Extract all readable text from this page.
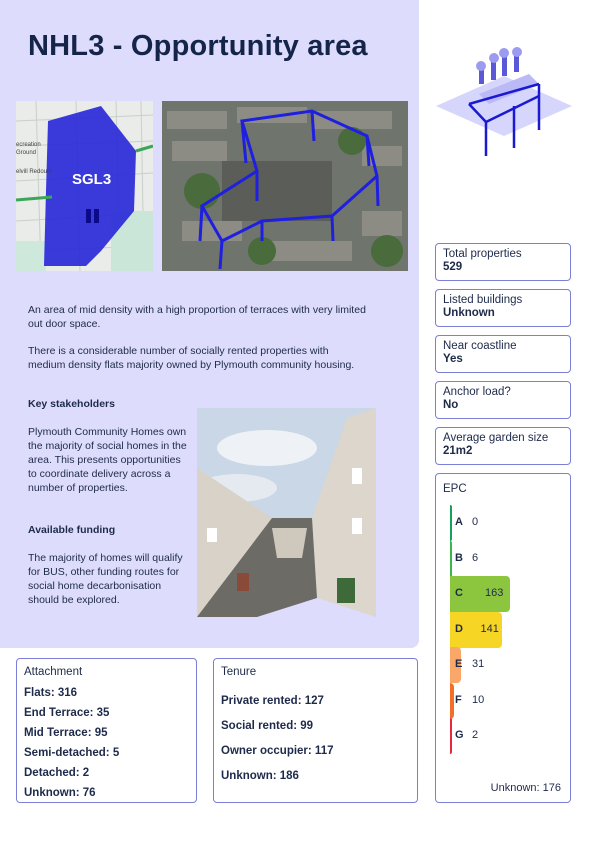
NHL3 - Opportunity area
ecreation
Ground
elvill Redoubt SGL3
An area of mid density with a high proportion of terraces with very limited out door space.
There is a considerable number of socially rented properties with medium density flats majority owned by Plymouth community housing.
Key stakeholders
Plymouth Community Homes own the majority of social homes in the area. This presents opportunities to coordinate delivery across a number of properties.
Available funding
The majority of homes will qualify for BUS, other funding routes for social home decarbonisation should be explored.
Total properties
529
Listed buildings
Unknown
Near coastline
Yes
Anchor load?
No
Average garden size
21m2
EPC
Unknown: 176
A 0
B 6
C 163
D 141
E 31
F 10
G 2
Attachment
Flats: 316
End Terrace: 35
Mid Terrace: 95
Semi-detached: 5
Detached: 2
Unknown: 76
Tenure
Private rented: 127
Social rented: 99
Owner occupier: 117
Unknown: 186
